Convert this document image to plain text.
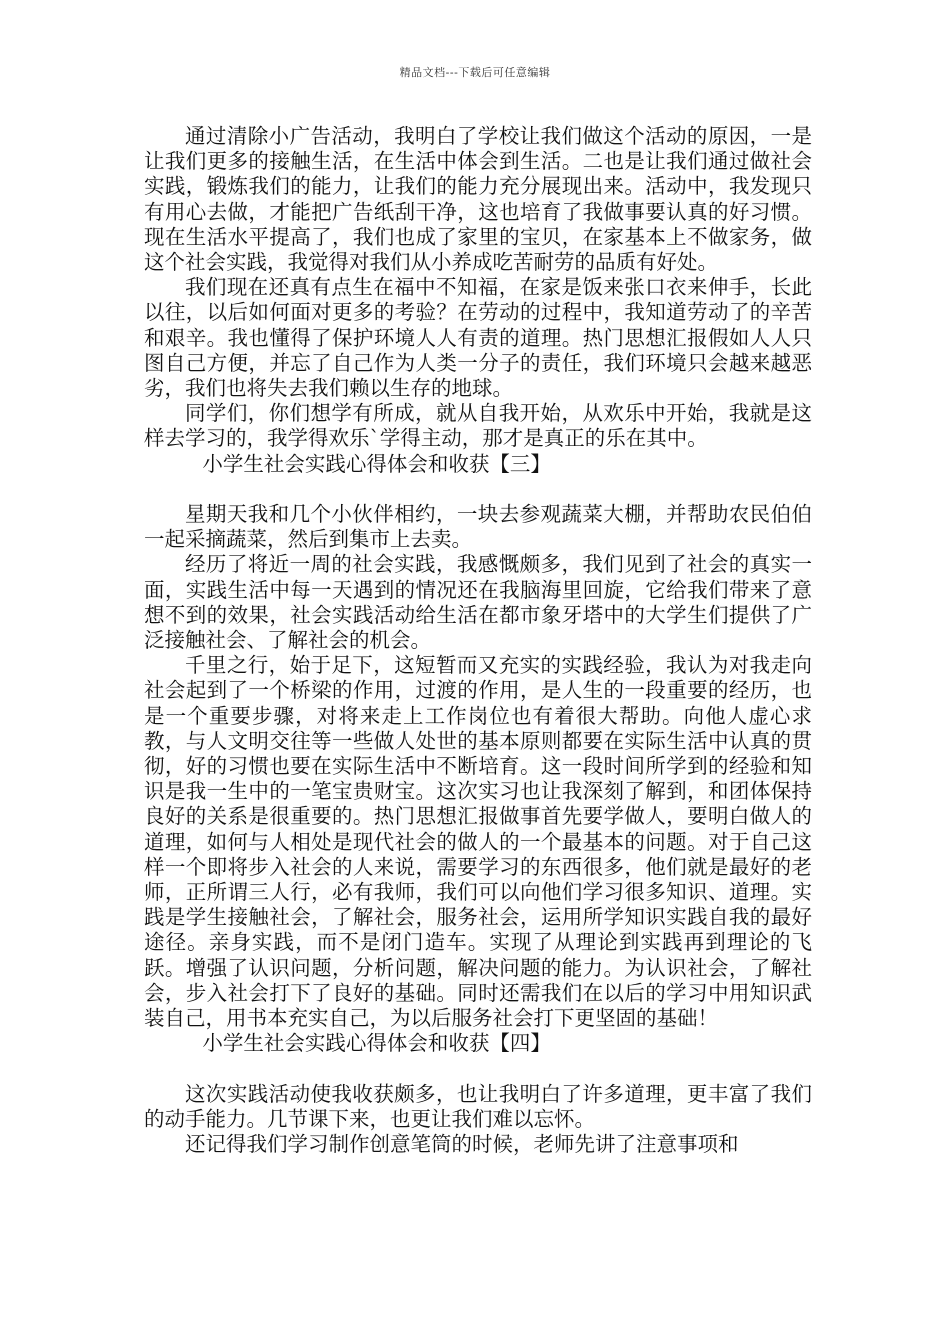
精品文档---下载后可任意编辑

通过清除小广告活动，我明白了学校让我们做这个活动的原因，一是让我们更多的接触生活，在生活中体会到生活。二也是让我们通过做社会实践，锻炼我们的能力，让我们的能力充分展现出来。活动中，我发现只有用心去做，才能把广告纸刮干净，这也培育了我做事要认真的好习惯。现在生活水平提高了，我们也成了家里的宝贝，在家基本上不做家务，做这个社会实践，我觉得对我们从小养成吃苦耐劳的品质有好处。

我们现在还真有点生在福中不知福，在家是饭来张口衣来伸手，长此以往，以后如何面对更多的考验？在劳动的过程中，我知道劳动了的辛苦和艰辛。我也懂得了保护环境人人有责的道理。热门思想汇报假如人人只图自己方便，并忘了自己作为人类一分子的责任，我们环境只会越来越恶劣，我们也将失去我们赖以生存的地球。

同学们，你们想学有所成，就从自我开始，从欢乐中开始，我就是这样去学习的，我学得欢乐`学得主动，那才是真正的乐在其中。

小学生社会实践心得体会和收获【三】

星期天我和几个小伙伴相约，一块去参观蔬菜大棚，并帮助农民伯伯一起采摘蔬菜，然后到集市上去卖。

经历了将近一周的社会实践，我感慨颇多，我们见到了社会的真实一面，实践生活中每一天遇到的情况还在我脑海里回旋，它给我们带来了意想不到的效果，社会实践活动给生活在都市象牙塔中的大学生们提供了广泛接触社会、了解社会的机会。

千里之行，始于足下，这短暂而又充实的实践经验，我认为对我走向社会起到了一个桥梁的作用，过渡的作用，是人生的一段重要的经历，也是一个重要步骤，对将来走上工作岗位也有着很大帮助。向他人虚心求教，与人文明交往等一些做人处世的基本原则都要在实际生活中认真的贯彻，好的习惯也要在实际生活中不断培育。这一段时间所学到的经验和知识是我一生中的一笔宝贵财宝。这次实习也让我深刻了解到，和团体保持良好的关系是很重要的。热门思想汇报做事首先要学做人，要明白做人的道理，如何与人相处是现代社会的做人的一个最基本的问题。对于自己这样一个即将步入社会的人来说，需要学习的东西很多，他们就是最好的老师，正所谓三人行，必有我师，我们可以向他们学习很多知识、道理。实践是学生接触社会，了解社会，服务社会，运用所学知识实践自我的最好途径。亲身实践，而不是闭门造车。实现了从理论到实践再到理论的飞跃。增强了认识问题，分析问题，解决问题的能力。为认识社会，了解社会，步入社会打下了良好的基础。同时还需我们在以后的学习中用知识武装自己，用书本充实自己，为以后服务社会打下更坚固的基础！

小学生社会实践心得体会和收获【四】

这次实践活动使我收获颇多，也让我明白了许多道理，更丰富了我们的动手能力。几节课下来，也更让我们难以忘怀。

还记得我们学习制作创意笔筒的时候，老师先讲了注意事项和
